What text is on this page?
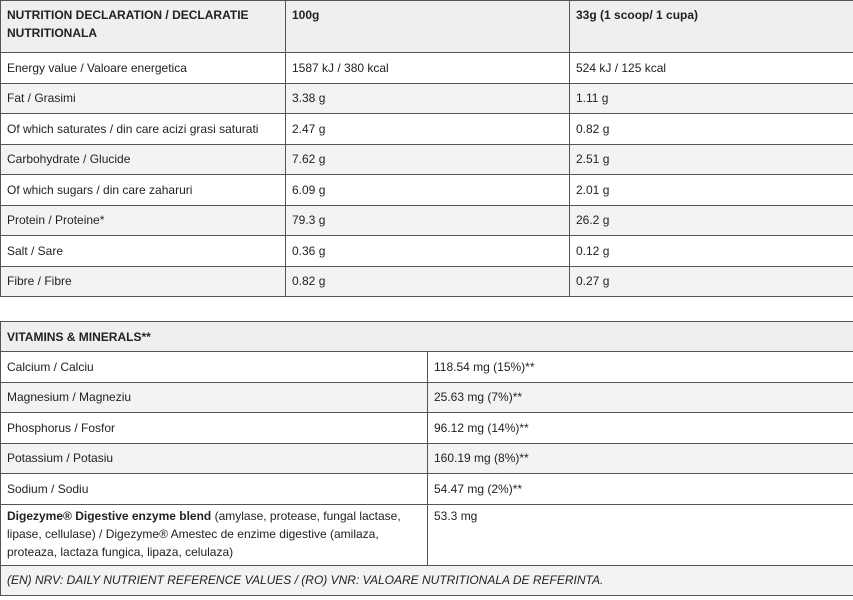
NUTRITION DECLARATION / DECLARATIE NUTRITIONALA	100g	33g (1 scoop/ 1 cupa)
Energy value / Valoare energetica	1587 kJ / 380 kcal	524 kJ / 125 kcal
Fat / Grasimi	3.38 g	1.11 g
Of which saturates / din care acizi grasi saturati	2.47 g	0.82 g
Carbohydrate / Glucide	7.62 g	2.51 g
Of which sugars / din care zaharuri	6.09 g	2.01 g
Protein / Proteine*	79.3 g	26.2 g
Salt / Sare	0.36 g	0.12 g
Fibre / Fibre	0.82 g	0.27 g
VITAMINS & MINERALS**	
Calcium / Calciu	118.54 mg (15%)**
Magnesium / Magneziu	25.63 mg (7%)**
Phosphorus / Fosfor	96.12 mg (14%)**
Potassium / Potasiu	160.19 mg (8%)**
Sodium / Sodiu	54.47 mg (2%)**
Digezyme® Digestive enzyme blend (amylase, protease, fungal lactase, lipase, cellulase) / Digezyme® Amestec de enzime digestive (amilaza, proteaza, lactaza fungica, lipaza, celulaza)	53.3 mg
(EN) NRV: DAILY NUTRIENT REFERENCE VALUES / (RO) VNR: VALOARE NUTRITIONALA DE REFERINTA.	
